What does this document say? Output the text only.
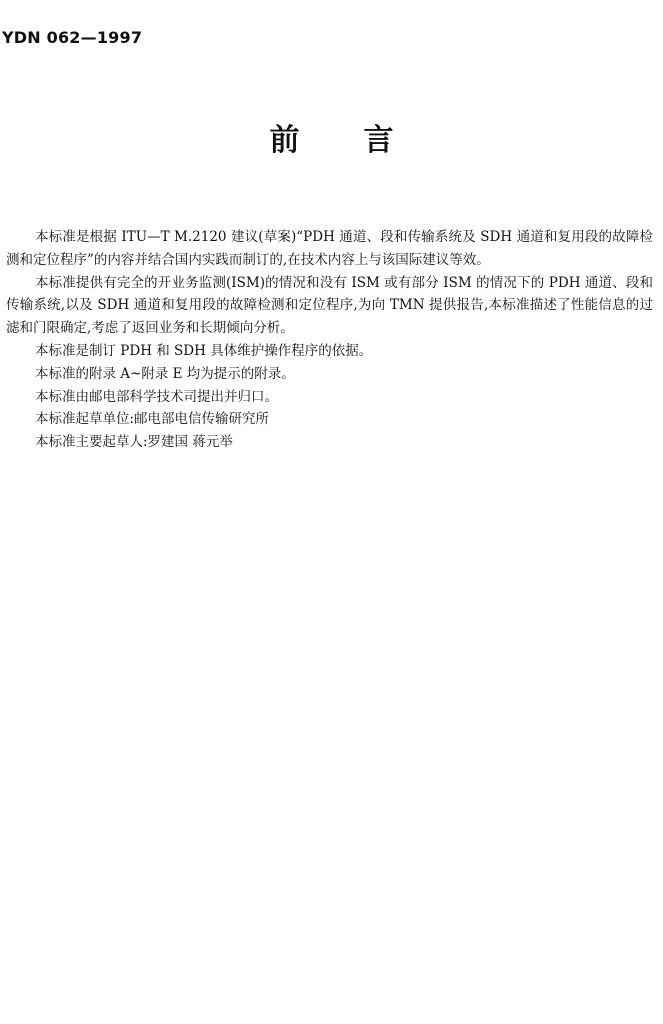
YDN 062—1997
前言

本标准是根据 ITU—T M.2120 建议(草案)“PDH 通道、段和传输系统及 SDH 通道和复用段的故障检测和定位程序”的内容并结合国内实践而制订的,在技术内容上与该国际建议等效。

本标准提供有完全的开业务监测(ISM)的情况和没有 ISM 或有部分 ISM 的情况下的 PDH 通道、段和传输系统,以及 SDH 通道和复用段的故障检测和定位程序,为向 TMN 提供报告,本标准描述了性能信息的过滤和门限确定,考虑了返回业务和长期倾向分析。

本标准是制订 PDH 和 SDH 具体维护操作程序的依据。

本标准的附录 A~附录 E 均为提示的附录。

本标准由邮电部科学技术司提出并归口。

本标准起草单位:邮电部电信传输研究所

本标准主要起草人:罗建国 蒋元举
